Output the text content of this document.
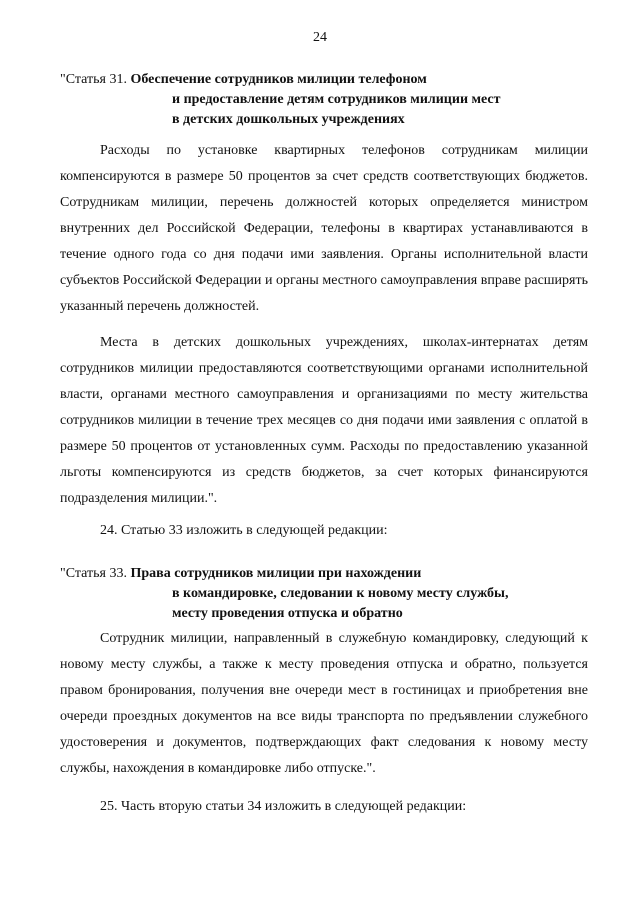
24
"Статья 31. Обеспечение сотрудников милиции телефоном
и предоставление детям сотрудников милиции мест
в детских дошкольных учреждениях
Расходы по установке квартирных телефонов сотрудникам милиции компенсируются в размере 50 процентов за счет средств соответствующих бюджетов. Сотрудникам милиции, перечень должностей которых определяется министром внутренних дел Российской Федерации, телефоны в квартирах устанавливаются в течение одного года со дня подачи ими заявления. Органы исполнительной власти субъектов Российской Федерации и органы местного самоуправления вправе расширять указанный перечень должностей.
Места в детских дошкольных учреждениях, школах-интернатах детям сотрудников милиции предоставляются соответствующими органами исполнительной власти, органами местного самоуправления и организациями по месту жительства сотрудников милиции в течение трех месяцев со дня подачи ими заявления с оплатой в размере 50 процентов от установленных сумм. Расходы по предоставлению указанной льготы компенсируются из средств бюджетов, за счет которых финансируются подразделения милиции.".
24. Статью 33 изложить в следующей редакции:
"Статья 33. Права сотрудников милиции при нахождении
в командировке, следовании к новому месту службы,
месту проведения отпуска и обратно
Сотрудник милиции, направленный в служебную командировку, следующий к новому месту службы, а также к месту проведения отпуска и обратно, пользуется правом бронирования, получения вне очереди мест в гостиницах и приобретения вне очереди проездных документов на все виды транспорта по предъявлении служебного удостоверения и документов, подтверждающих факт следования к новому месту службы, нахождения в командировке либо отпуске.".
25. Часть вторую статьи 34 изложить в следующей редакции:
